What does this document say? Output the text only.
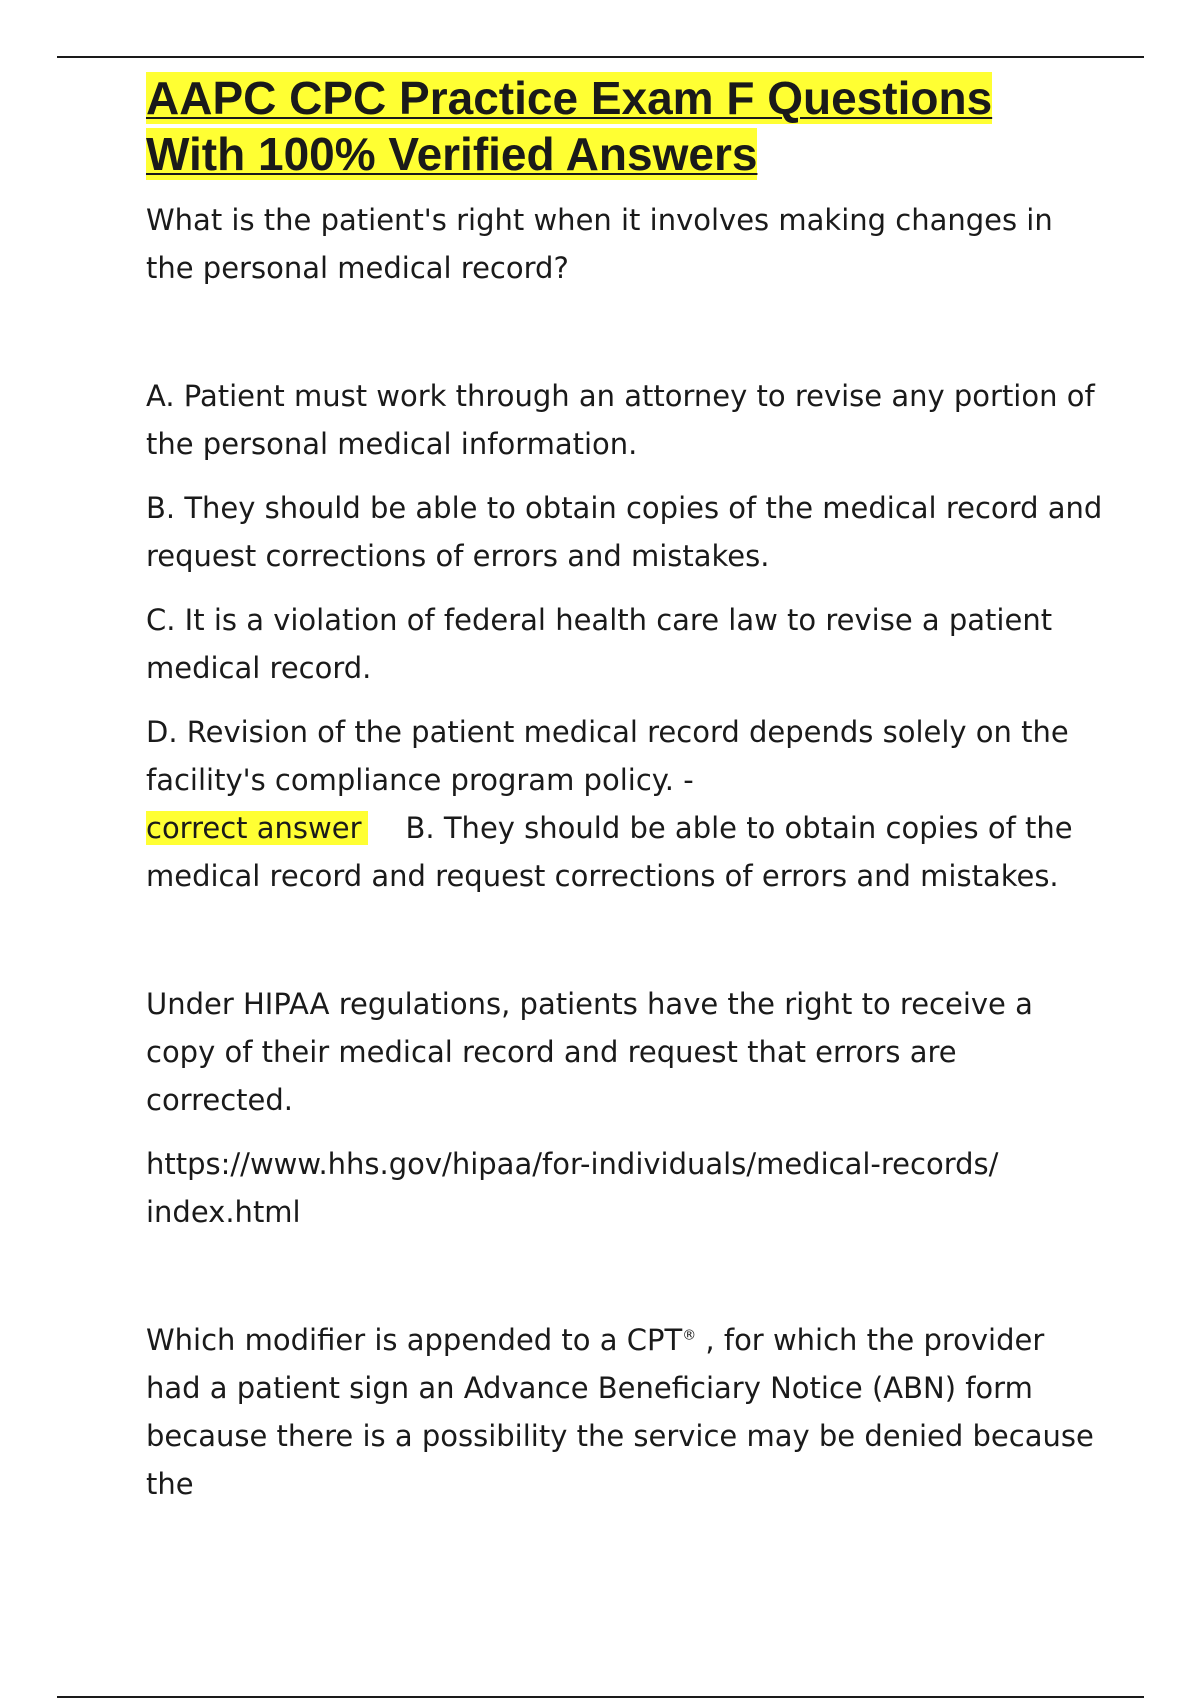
AAPC CPC Practice Exam F Questions
With 100% Verified Answers

What is the patient's right when it involves making changes in the personal medical record?

A. Patient must work through an attorney to revise any portion of the personal medical information.

B. They should be able to obtain copies of the medical record and request corrections of errors and mistakes.

C. It is a violation of federal health care law to revise a patient medical record.

D. Revision of the patient medical record depends solely on the facility's compliance program policy. -

correct answer B. They should be able to obtain copies of the medical record and request corrections of errors and mistakes.

Under HIPAA regulations, patients have the right to receive a copy of their medical record and request that errors are corrected.

https://www.hhs.gov/hipaa/for-individuals/medical-records/
index.html

Which modifier is appended to a CPT® , for which the provider had a patient sign an Advance Beneficiary Notice (ABN) form because there is a possibility the service may be denied because the
